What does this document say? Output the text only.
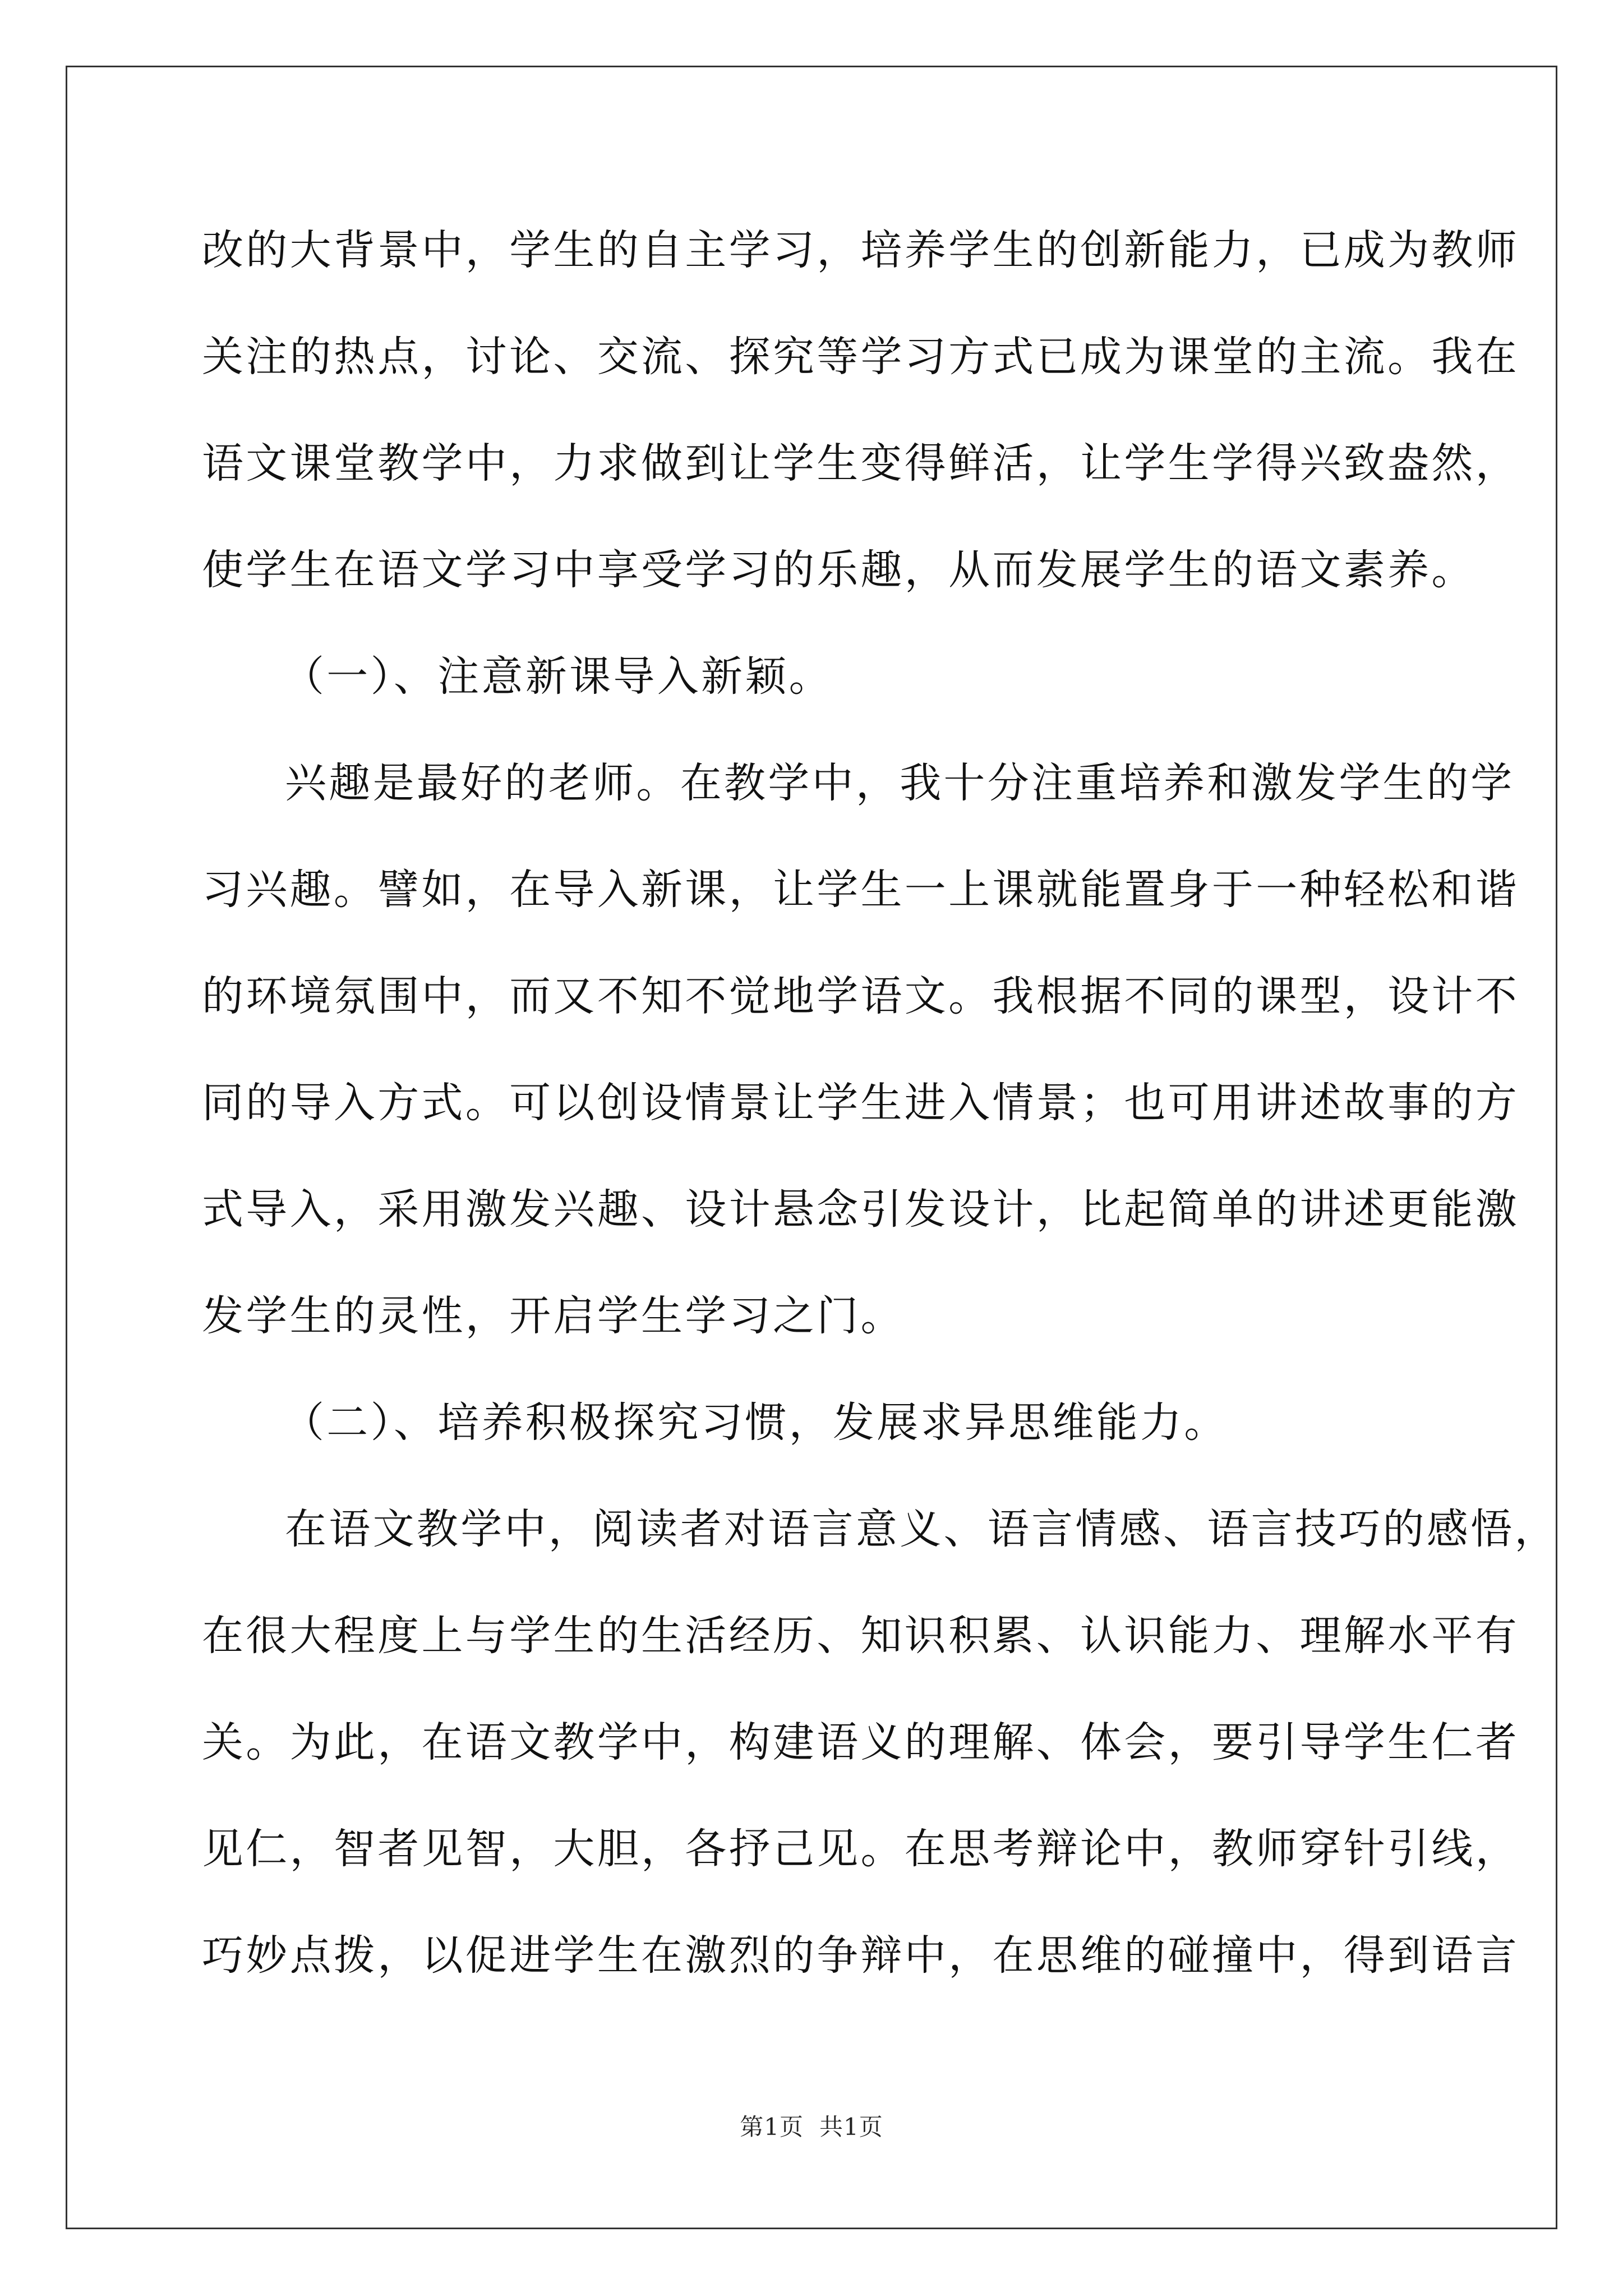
改的大背景中，学生的自主学习，培养学生的创新能力，已成为教师
关注的热点，讨论、交流、探究等学习方式已成为课堂的主流。我在
语文课堂教学中，力求做到让学生变得鲜活，让学生学得兴致盎然，
使学生在语文学习中享受学习的乐趣，从而发展学生的语文素养。
（一）、注意新课导入新颖。
兴趣是最好的老师。在教学中，我十分注重培养和激发学生的学
习兴趣。譬如，在导入新课，让学生一上课就能置身于一种轻松和谐
的环境氛围中，而又不知不觉地学语文。我根据不同的课型，设计不
同的导入方式。可以创设情景让学生进入情景；也可用讲述故事的方
式导入，采用激发兴趣、设计悬念引发设计，比起简单的讲述更能激
发学生的灵性，开启学生学习之门。
（二）、培养积极探究习惯，发展求异思维能力。
在语文教学中，阅读者对语言意义、语言情感、语言技巧的感悟，
在很大程度上与学生的生活经历、知识积累、认识能力、理解水平有
关。为此，在语文教学中，构建语义的理解、体会，要引导学生仁者
见仁，智者见智，大胆，各抒己见。在思考辩论中，教师穿针引线，
巧妙点拨，以促进学生在激烈的争辩中，在思维的碰撞中，得到语言
第1页 共1页
